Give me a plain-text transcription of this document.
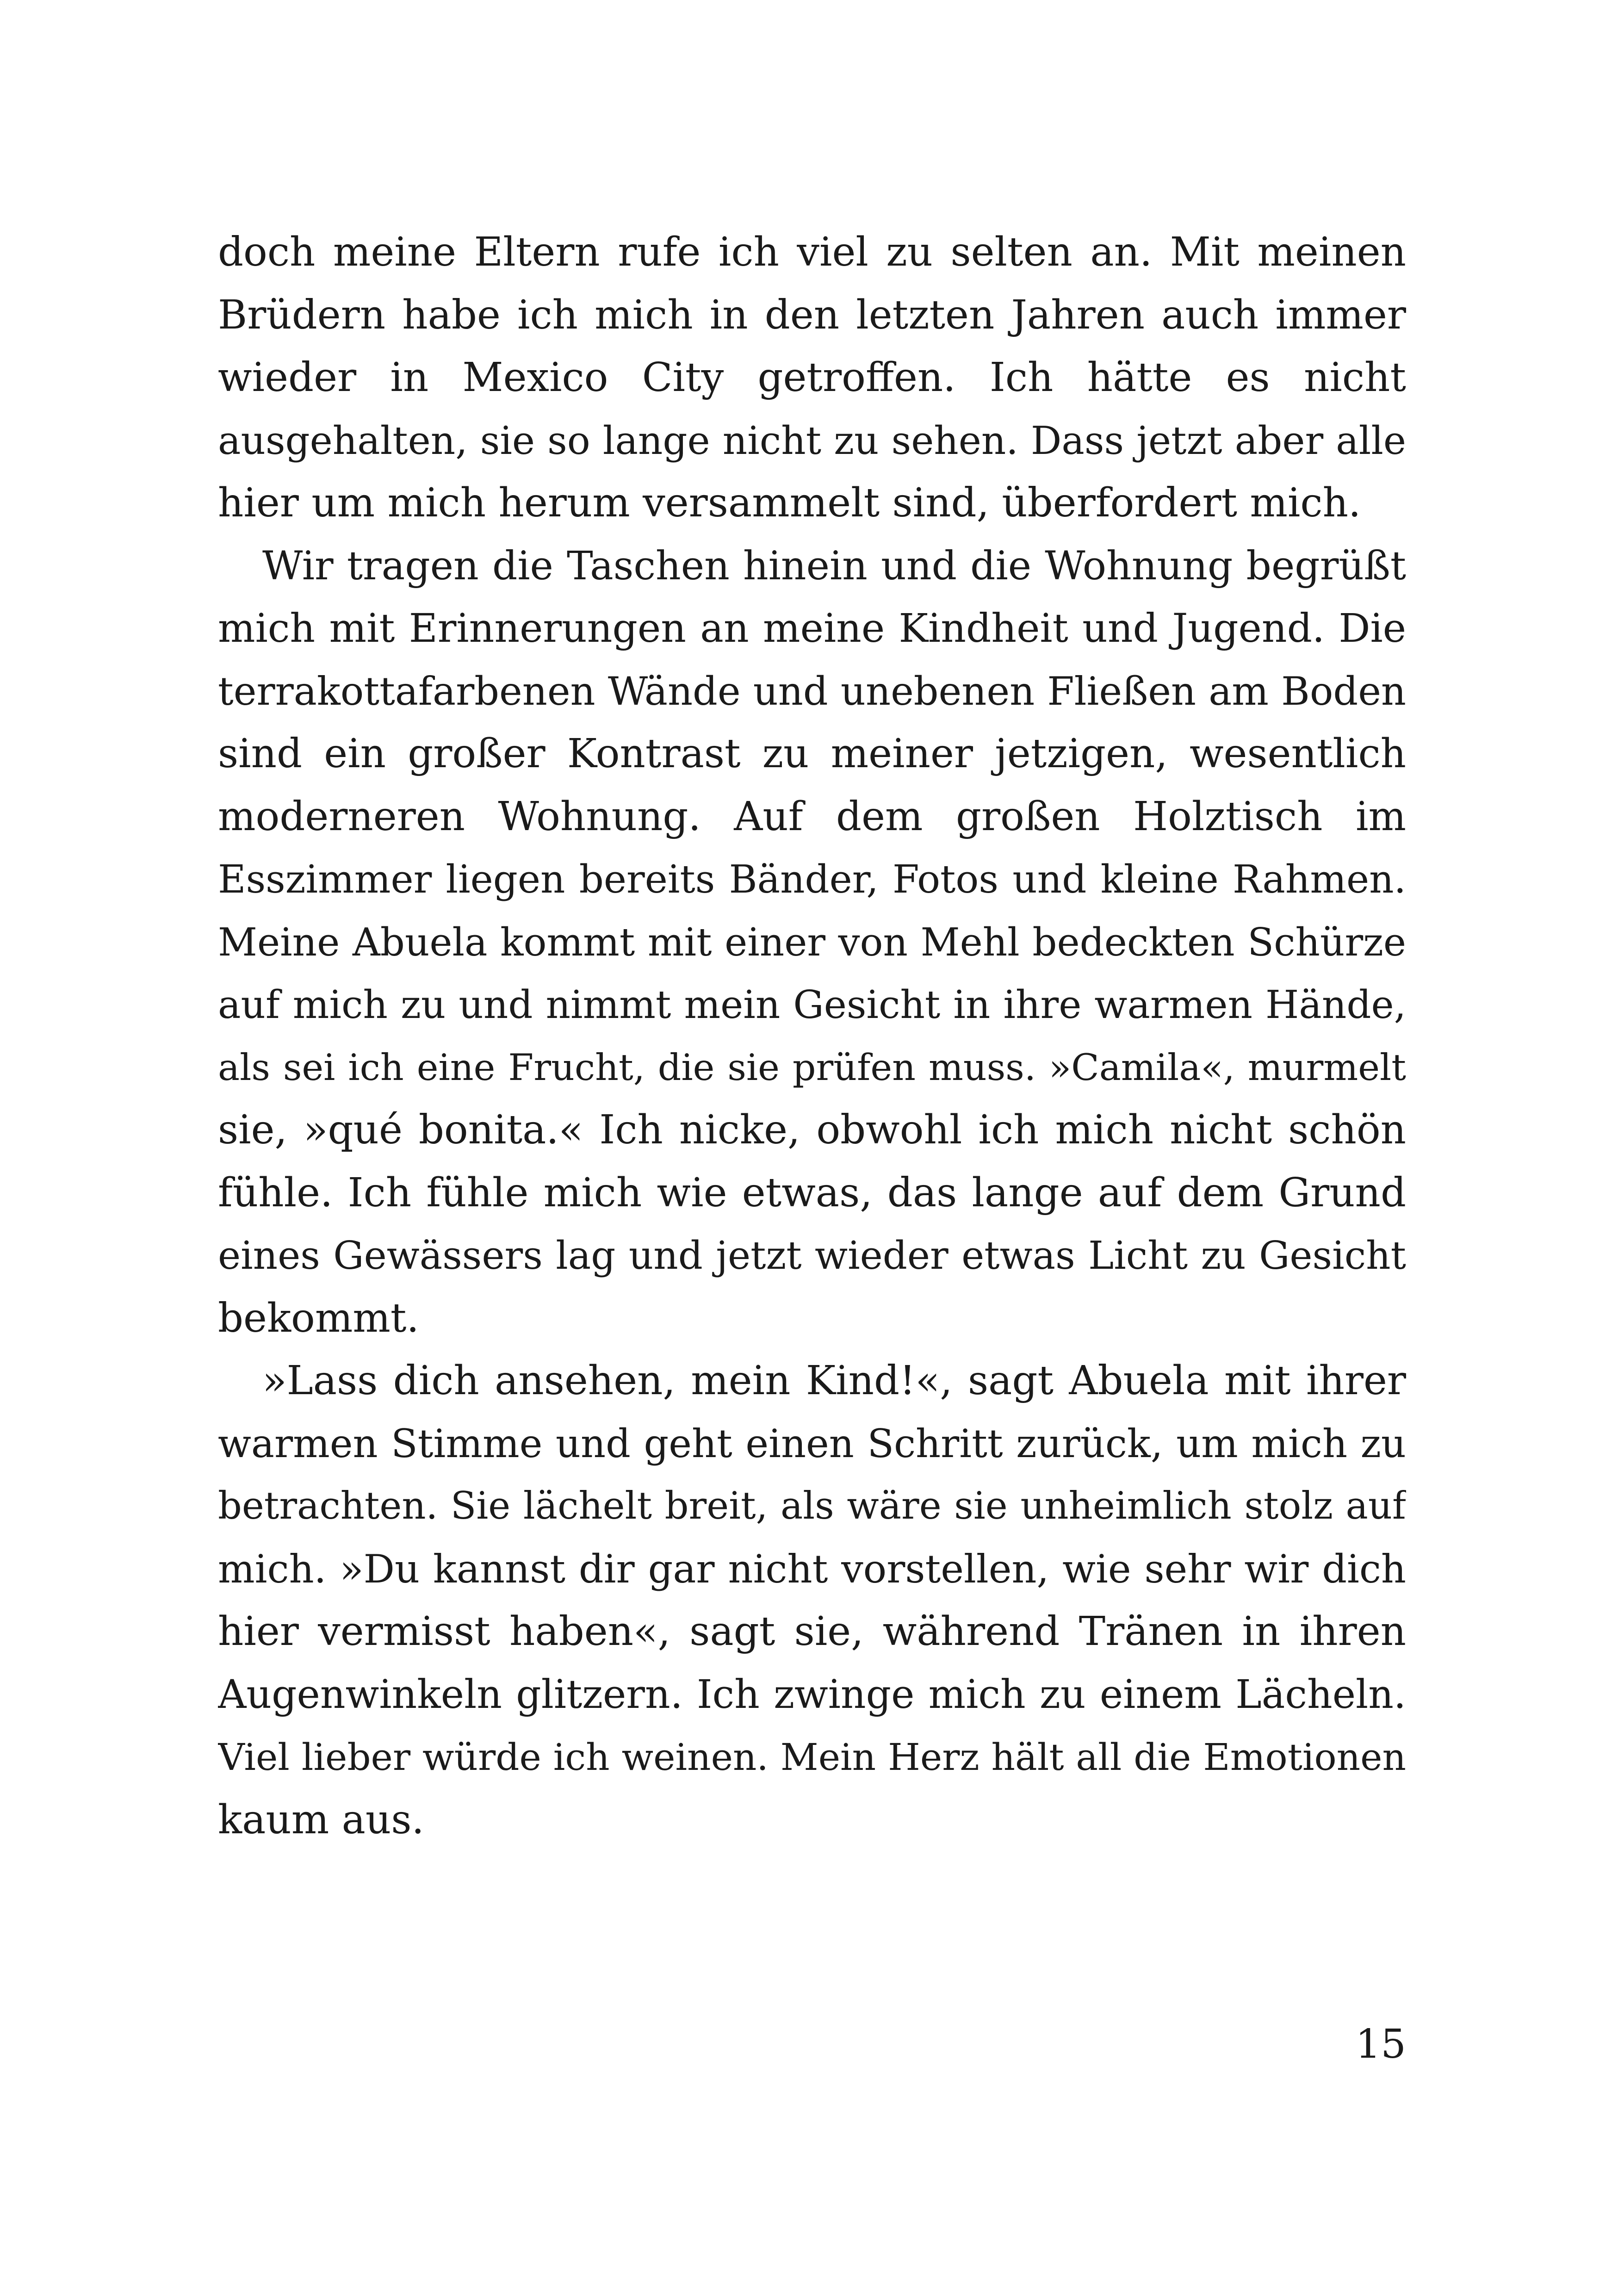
doch meine Eltern rufe ich viel zu selten an. Mit meinen
Brüdern habe ich mich in den letzten Jahren auch immer
wieder in Mexico City getroffen. Ich hätte es nicht
ausgehalten, sie so lange nicht zu sehen. Dass jetzt aber alle
hier um mich herum versammelt sind, überfordert mich.
Wir tragen die Taschen hinein und die Wohnung begrüßt
mich mit Erinnerungen an meine Kindheit und Jugend. Die
terrakottafarbenen Wände und unebenen Fließen am Boden
sind ein großer Kontrast zu meiner jetzigen, wesentlich
moderneren Wohnung. Auf dem großen Holztisch im
Esszimmer liegen bereits Bänder, Fotos und kleine Rahmen.
Meine Abuela kommt mit einer von Mehl bedeckten Schürze
auf mich zu und nimmt mein Gesicht in ihre warmen Hände,
als sei ich eine Frucht, die sie prüfen muss. »Camila«, murmelt
sie, »qué bonita.« Ich nicke, obwohl ich mich nicht schön
fühle. Ich fühle mich wie etwas, das lange auf dem Grund
eines Gewässers lag und jetzt wieder etwas Licht zu Gesicht
bekommt.
»Lass dich ansehen, mein Kind!«, sagt Abuela mit ihrer
warmen Stimme und geht einen Schritt zurück, um mich zu
betrachten. Sie lächelt breit, als wäre sie unheimlich stolz auf
mich. »Du kannst dir gar nicht vorstellen, wie sehr wir dich
hier vermisst haben«, sagt sie, während Tränen in ihren
Augenwinkeln glitzern. Ich zwinge mich zu einem Lächeln.
Viel lieber würde ich weinen. Mein Herz hält all die Emotionen
kaum aus.
15
